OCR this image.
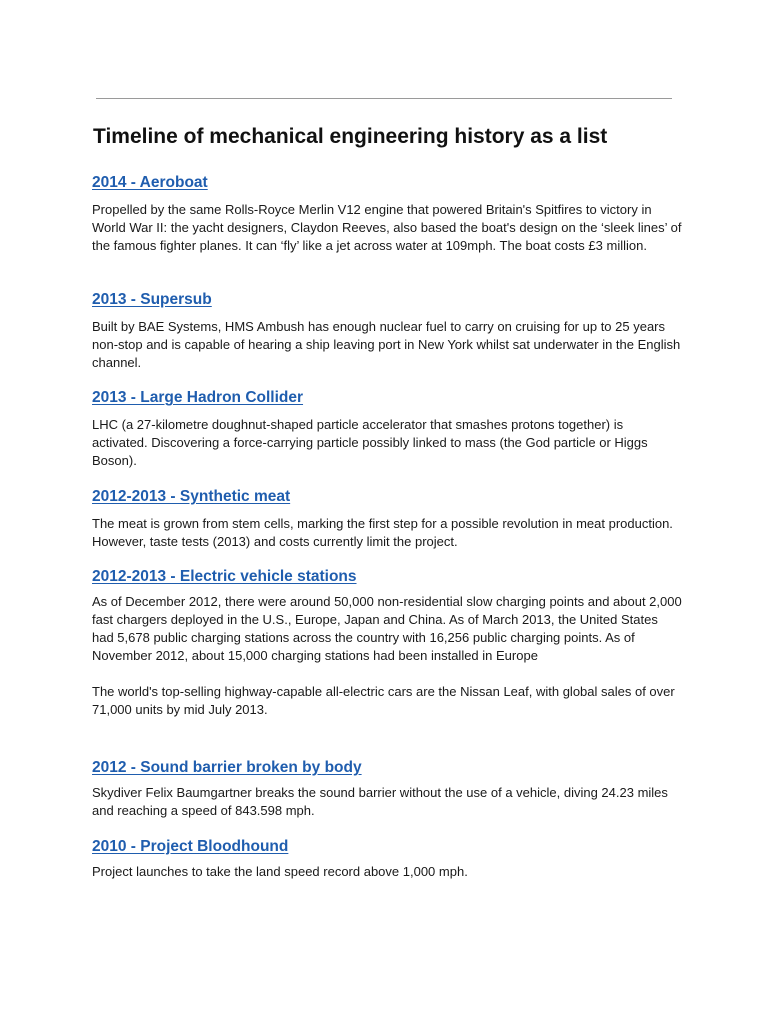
Timeline of mechanical engineering history as a list
2014 - Aeroboat

Propelled by the same Rolls-Royce Merlin V12 engine that powered Britain's Spitfires to victory in World War II: the yacht designers, Claydon Reeves, also based the boat's design on the ‘sleek lines’ of the famous fighter planes. It can ‘fly’ like a jet across water at 109mph. The boat costs £3 million.

2013 - Supersub

Built by BAE Systems, HMS Ambush has enough nuclear fuel to carry on cruising for up to 25 years non-stop and is capable of hearing a ship leaving port in New York whilst sat underwater in the English channel.

2013 - Large Hadron Collider

LHC (a 27-kilometre doughnut-shaped particle accelerator that smashes protons together) is activated. Discovering a force-carrying particle possibly linked to mass (the God particle or Higgs Boson).

2012-2013 - Synthetic meat

The meat is grown from stem cells, marking the first step for a possible revolution in meat production. However, taste tests (2013) and costs currently limit the project.

2012-2013 - Electric vehicle stations

As of December 2012, there were around 50,000 non-residential slow charging points and about 2,000 fast chargers deployed in the U.S., Europe, Japan and China. As of March 2013, the United States had 5,678 public charging stations across the country with 16,256 public charging points. As of November 2012, about 15,000 charging stations had been installed in Europe

The world's top-selling highway-capable all-electric cars are the Nissan Leaf, with global sales of over 71,000 units by mid July 2013.

2012 - Sound barrier broken by body

Skydiver Felix Baumgartner breaks the sound barrier without the use of a vehicle, diving 24.23 miles and reaching a speed of 843.598 mph.

2010 - Project Bloodhound

Project launches to take the land speed record above 1,000 mph.
